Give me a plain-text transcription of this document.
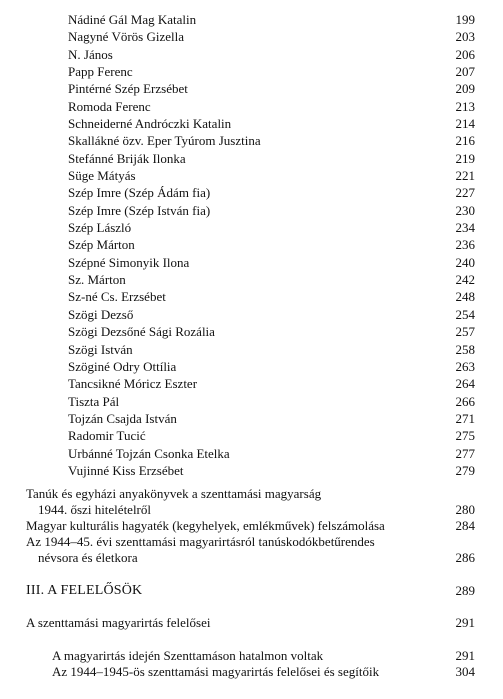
Nádiné Gál Mag Katalin	199
Nagyné Vörös Gizella	203
N. János	206
Papp Ferenc	207
Pintérné Szép Erzsébet	209
Romoda Ferenc	213
Schneiderné Andróczki Katalin	214
Skallákné özv. Eper Tyúrom Jusztina	216
Stefánné Briják Ilonka	219
Süge Mátyás	221
Szép Imre (Szép Ádám fia)	227
Szép Imre (Szép István fia)	230
Szép László	234
Szép Márton	236
Szépné Simonyik Ilona	240
Sz. Márton	242
Sz-né Cs. Erzsébet	248
Szögi Dezső	254
Szögi Dezsőné Sági Rozália	257
Szögi István	258
Szöginé Odry Ottília	263
Tancsikné Móricz Eszter	264
Tiszta Pál	266
Tojzán Csajda István	271
Radomir Tucić	275
Urbánné Tojzán Csonka Etelka	277
Vujinné Kiss Erzsébet	279
Tanúk és egyházi anyakönyvek a szenttamási magyarság
1944. őszi hitelételről	280
Magyar kulturális hagyaték (kegyhelyek, emlékművek) felszámolása	284
Az 1944–45. évi szenttamási magyarirtásról tanúskodókbetűrendes
névsora és életkora	286
III. A FELELŐSÖK	289
A szenttamási magyarirtás felelősei	291
A magyarirtás idején Szenttamáson hatalmon voltak	291
Az 1944–1945-ös szenttamási magyarirtás felelősei és segítőik	304
